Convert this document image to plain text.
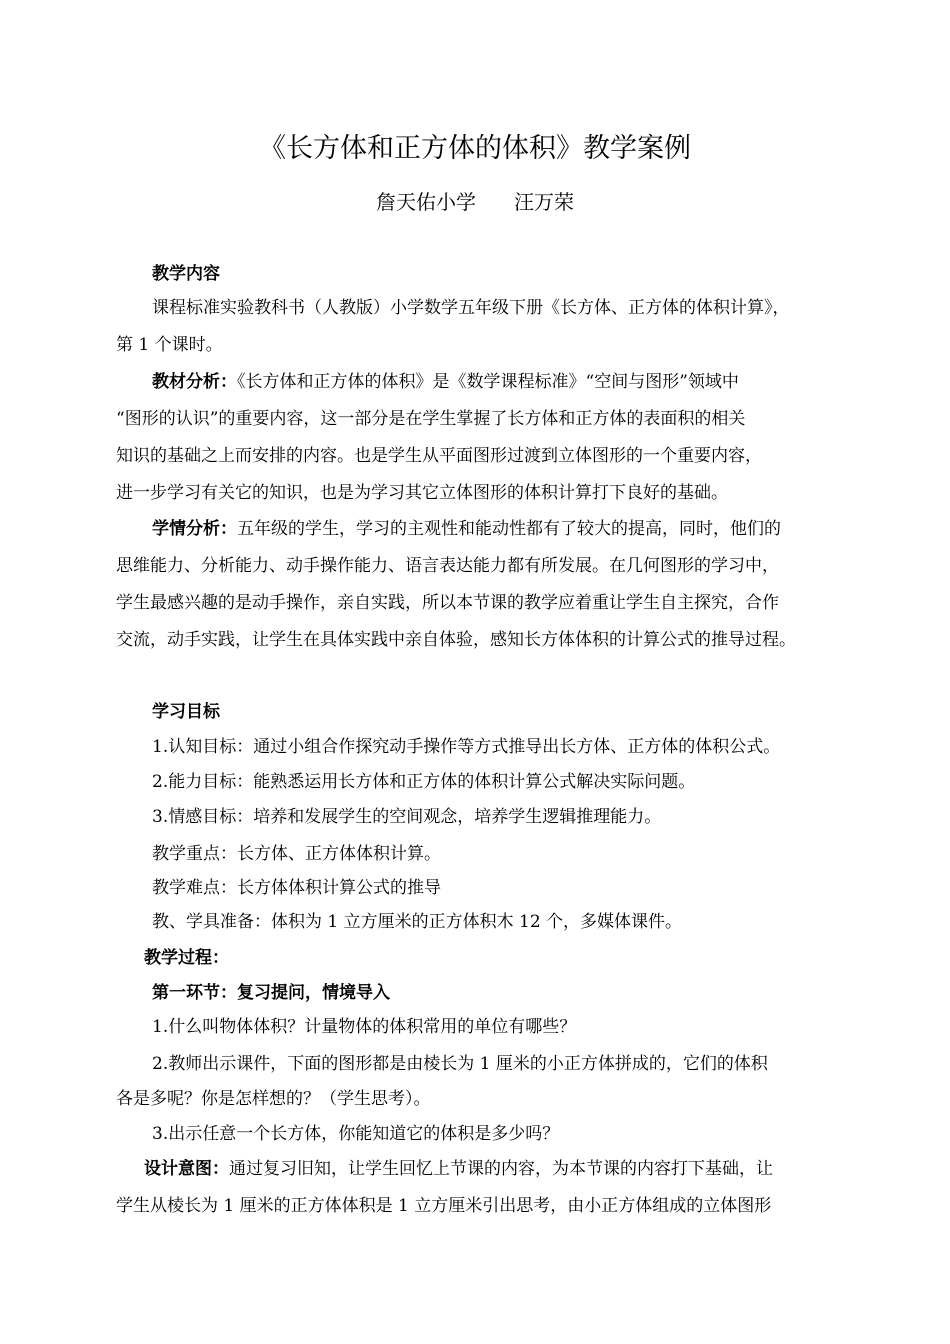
《长方体和正方体的体积》教学案例
詹天佑小学 汪万荣
教学内容
课程标准实验教科书（人教版）小学数学五年级下册《长方体、正方体的体积计算》，
第 1 个课时。
教材分析：《长方体和正方体的体积》是《数学课程标准》“空间与图形”领域中
“图形的认识”的重要内容，这一部分是在学生掌握了长方体和正方体的表面积的相关
知识的基础之上而安排的内容。也是学生从平面图形过渡到立体图形的一个重要内容，
进一步学习有关它的知识，也是为学习其它立体图形的体积计算打下良好的基础。
学情分析：五年级的学生，学习的主观性和能动性都有了较大的提高，同时，他们的
思维能力、分析能力、动手操作能力、语言表达能力都有所发展。在几何图形的学习中，
学生最感兴趣的是动手操作，亲自实践，所以本节课的教学应着重让学生自主探究，合作
交流，动手实践，让学生在具体实践中亲自体验，感知长方体体积的计算公式的推导过程。
学习目标
1.认知目标：通过小组合作探究动手操作等方式推导出长方体、正方体的体积公式。
2.能力目标：能熟悉运用长方体和正方体的体积计算公式解决实际问题。
3.情感目标：培养和发展学生的空间观念，培养学生逻辑推理能力。
教学重点：长方体、正方体体积计算。
教学难点：长方体体积计算公式的推导
教、学具准备：体积为 1 立方厘米的正方体积木 12 个，多媒体课件。
教学过程：
第一环节：复习提问，情境导入
1.什么叫物体体积？计量物体的体积常用的单位有哪些？
2.教师出示课件，下面的图形都是由棱长为 1 厘米的小正方体拼成的，它们的体积
各是多呢？你是怎样想的？（学生思考）。
3.出示任意一个长方体，你能知道它的体积是多少吗？
设计意图：通过复习旧知，让学生回忆上节课的内容，为本节课的内容打下基础，让
学生从棱长为 1 厘米的正方体体积是 1 立方厘米引出思考，由小正方体组成的立体图形
